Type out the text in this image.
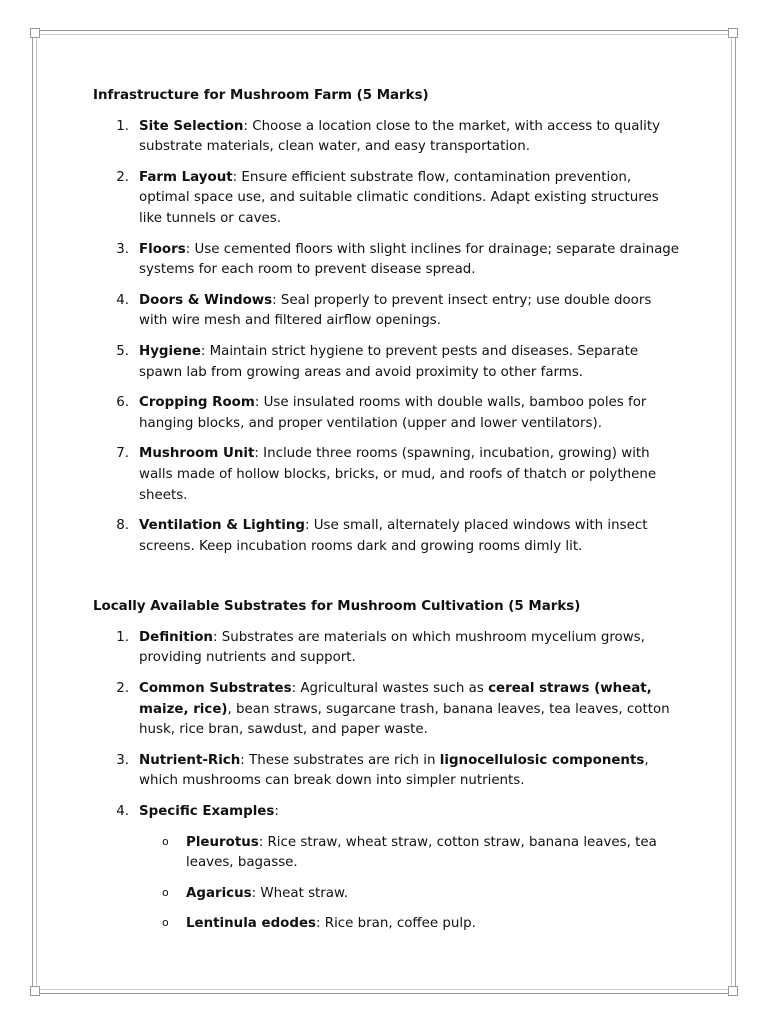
Infrastructure for Mushroom Farm (5 Marks)
1. Site Selection: Choose a location close to the market, with access to quality substrate materials, clean water, and easy transportation.
2. Farm Layout: Ensure efficient substrate flow, contamination prevention, optimal space use, and suitable climatic conditions. Adapt existing structures like tunnels or caves.
3. Floors: Use cemented floors with slight inclines for drainage; separate drainage systems for each room to prevent disease spread.
4. Doors & Windows: Seal properly to prevent insect entry; use double doors with wire mesh and filtered airflow openings.
5. Hygiene: Maintain strict hygiene to prevent pests and diseases. Separate spawn lab from growing areas and avoid proximity to other farms.
6. Cropping Room: Use insulated rooms with double walls, bamboo poles for hanging blocks, and proper ventilation (upper and lower ventilators).
7. Mushroom Unit: Include three rooms (spawning, incubation, growing) with walls made of hollow blocks, bricks, or mud, and roofs of thatch or polythene sheets.
8. Ventilation & Lighting: Use small, alternately placed windows with insect screens. Keep incubation rooms dark and growing rooms dimly lit.
Locally Available Substrates for Mushroom Cultivation (5 Marks)
1. Definition: Substrates are materials on which mushroom mycelium grows, providing nutrients and support.
2. Common Substrates: Agricultural wastes such as cereal straws (wheat, maize, rice), bean straws, sugarcane trash, banana leaves, tea leaves, cotton husk, rice bran, sawdust, and paper waste.
3. Nutrient-Rich: These substrates are rich in lignocellulosic components, which mushrooms can break down into simpler nutrients.
4. Specific Examples:
o Pleurotus: Rice straw, wheat straw, cotton straw, banana leaves, tea leaves, bagasse.
o Agaricus: Wheat straw.
o Lentinula edodes: Rice bran, coffee pulp.
